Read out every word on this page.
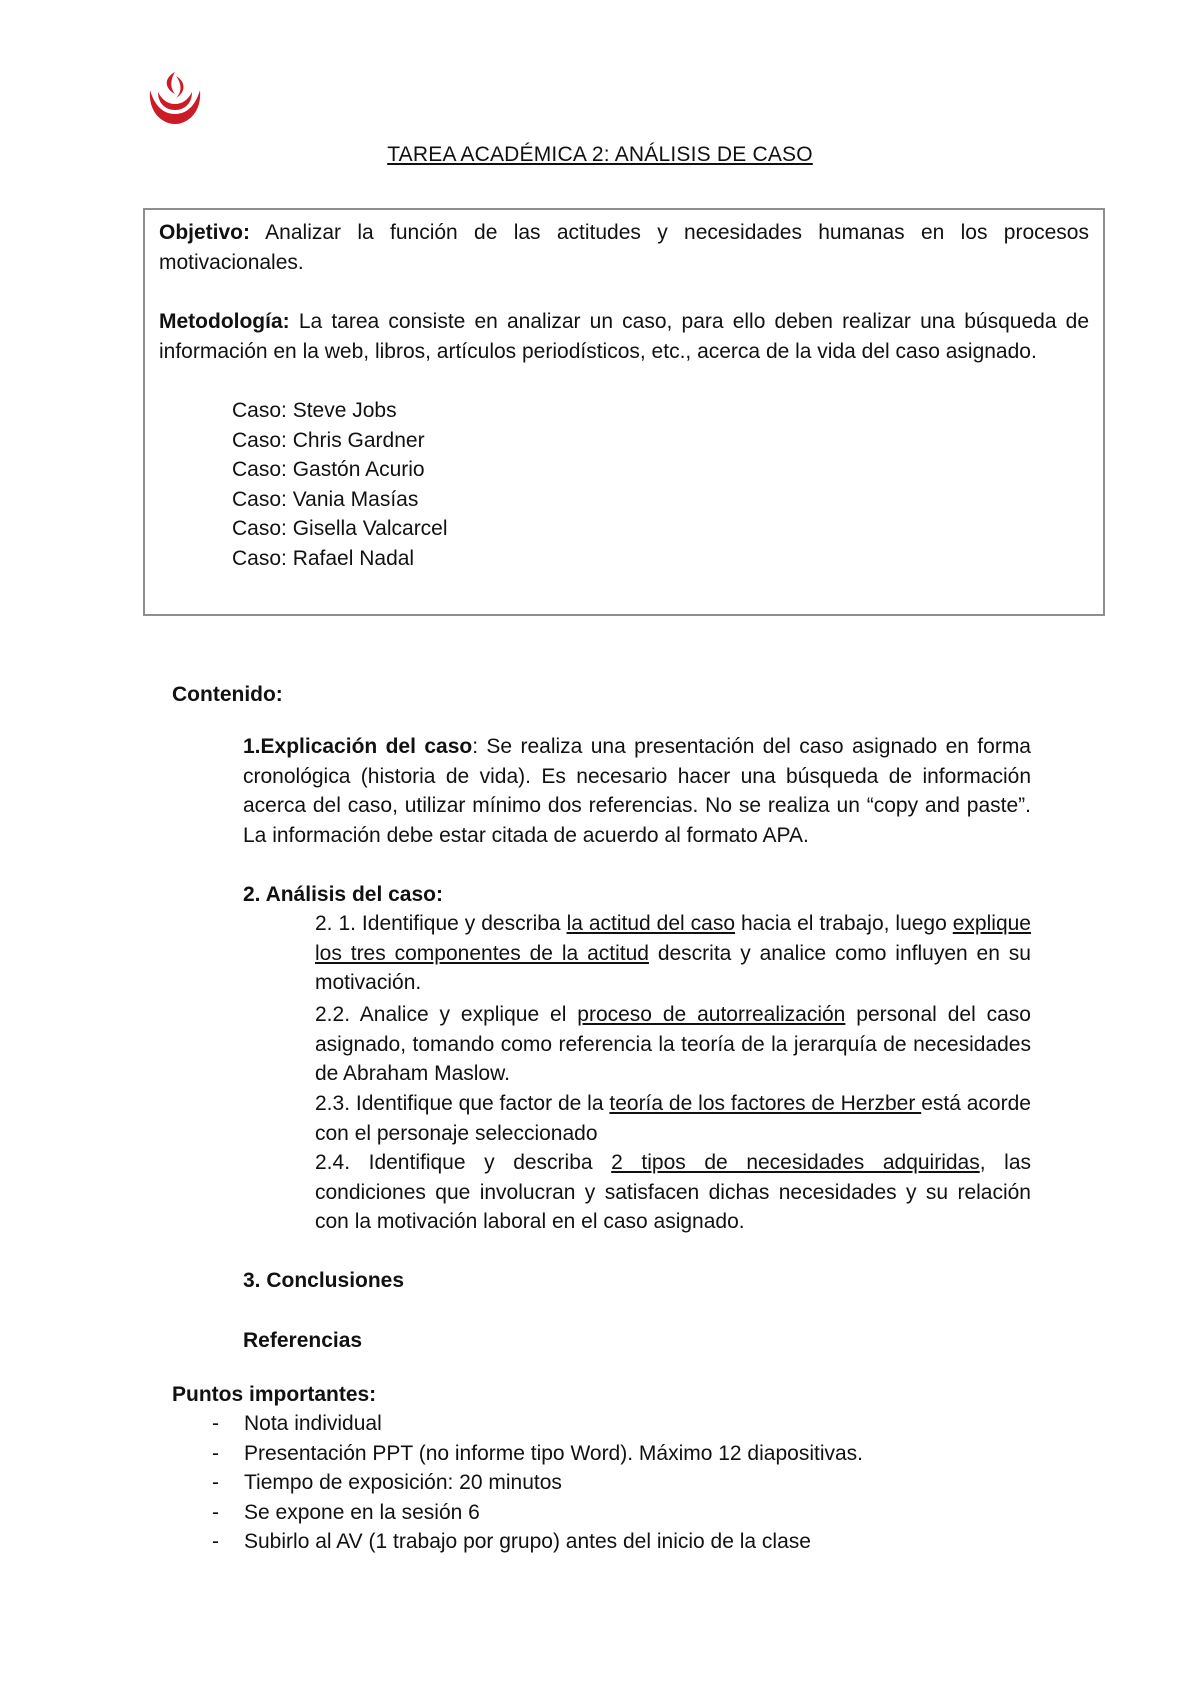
TAREA ACADÉMICA 2: ANÁLISIS DE CASO
Objetivo: Analizar la función de las actitudes y necesidades humanas en los procesos motivacionales.
Metodología: La tarea consiste en analizar un caso, para ello deben realizar una búsqueda de información en la web, libros, artículos periodísticos, etc., acerca de la vida del caso asignado.
Caso: Steve Jobs
Caso: Chris Gardner
Caso: Gastón Acurio
Caso: Vania Masías
Caso: Gisella Valcarcel
Caso: Rafael Nadal
Contenido:
1.Explicación del caso: Se realiza una presentación del caso asignado en forma cronológica (historia de vida). Es necesario hacer una búsqueda de información acerca del caso, utilizar mínimo dos referencias. No se realiza un “copy and paste”. La información debe estar citada de acuerdo al formato APA.
2. Análisis del caso:
2. 1. Identifique y describa la actitud del caso hacia el trabajo, luego explique los tres componentes de la actitud descrita y analice como influyen en su motivación.
2.2. Analice y explique el proceso de autorrealización personal del caso asignado, tomando como referencia la teoría de la jerarquía de necesidades de Abraham Maslow.
2.3. Identifique que factor de la teoría de los factores de Herzber está acorde con el personaje seleccionado
2.4. Identifique y describa 2 tipos de necesidades adquiridas, las condiciones que involucran y satisfacen dichas necesidades y su relación con la motivación laboral en el caso asignado.
3. Conclusiones
Referencias
Puntos importantes:
- Nota individual
- Presentación PPT (no informe tipo Word). Máximo 12 diapositivas.
- Tiempo de exposición: 20 minutos
- Se expone en la sesión 6
- Subirlo al AV (1 trabajo por grupo) antes del inicio de la clase
